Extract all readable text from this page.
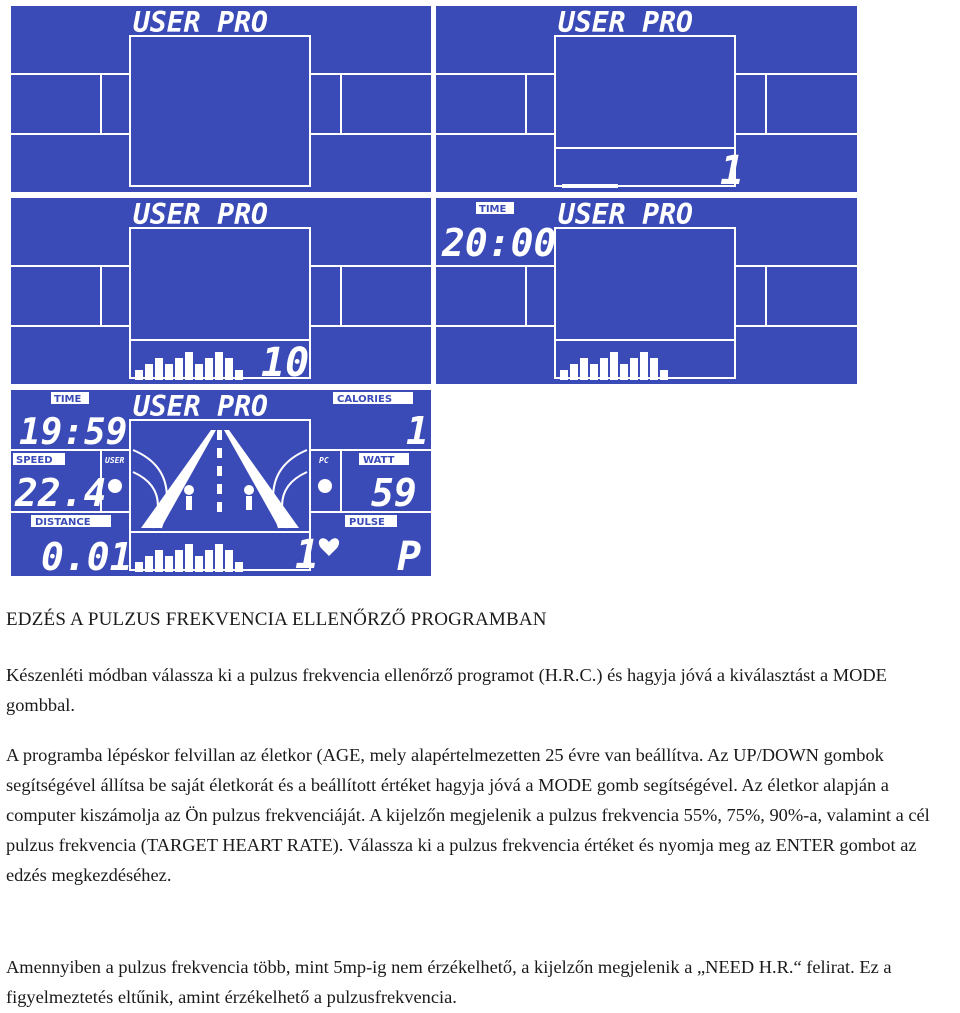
USER PRO	USER PRO
1
USER PRO
10
TIME
20:00
USER PRO
TIME
19:59
SPEED	USER
22.4
DISTANCE
0.01
CALORIES
1
PC	WATT
59
PULSE
P
USER PRO
1
EDZÉS A PULZUS FREKVENCIA ELLENŐRZŐ PROGRAMBAN
Készenléti módban válassza ki a pulzus frekvencia ellenőrző programot (H.R.C.) és hagyja jóvá a kiválasztást a MODE gombbal.
A programba lépéskor felvillan az életkor (AGE, mely alapértelmezetten 25 évre van beállítva. Az UP/DOWN gombok segítségével állítsa be saját életkorát és a beállított értéket hagyja jóvá a MODE gomb segítségével. Az életkor alapján a computer kiszámolja az Ön pulzus frekvenciáját. A kijelzőn megjelenik a pulzus frekvencia 55%, 75%, 90%-a, valamint a cél pulzus frekvencia (TARGET HEART RATE). Válassza ki a pulzus frekvencia értéket és nyomja meg az ENTER gombot az edzés megkezdéséhez.
Amennyiben a pulzus frekvencia több, mint 5mp-ig nem érzékelhető, a kijelzőn megjelenik a „NEED H.R.“ felirat. Ez a figyelmeztetés eltűnik, amint érzékelhető a pulzusfrekvencia.
